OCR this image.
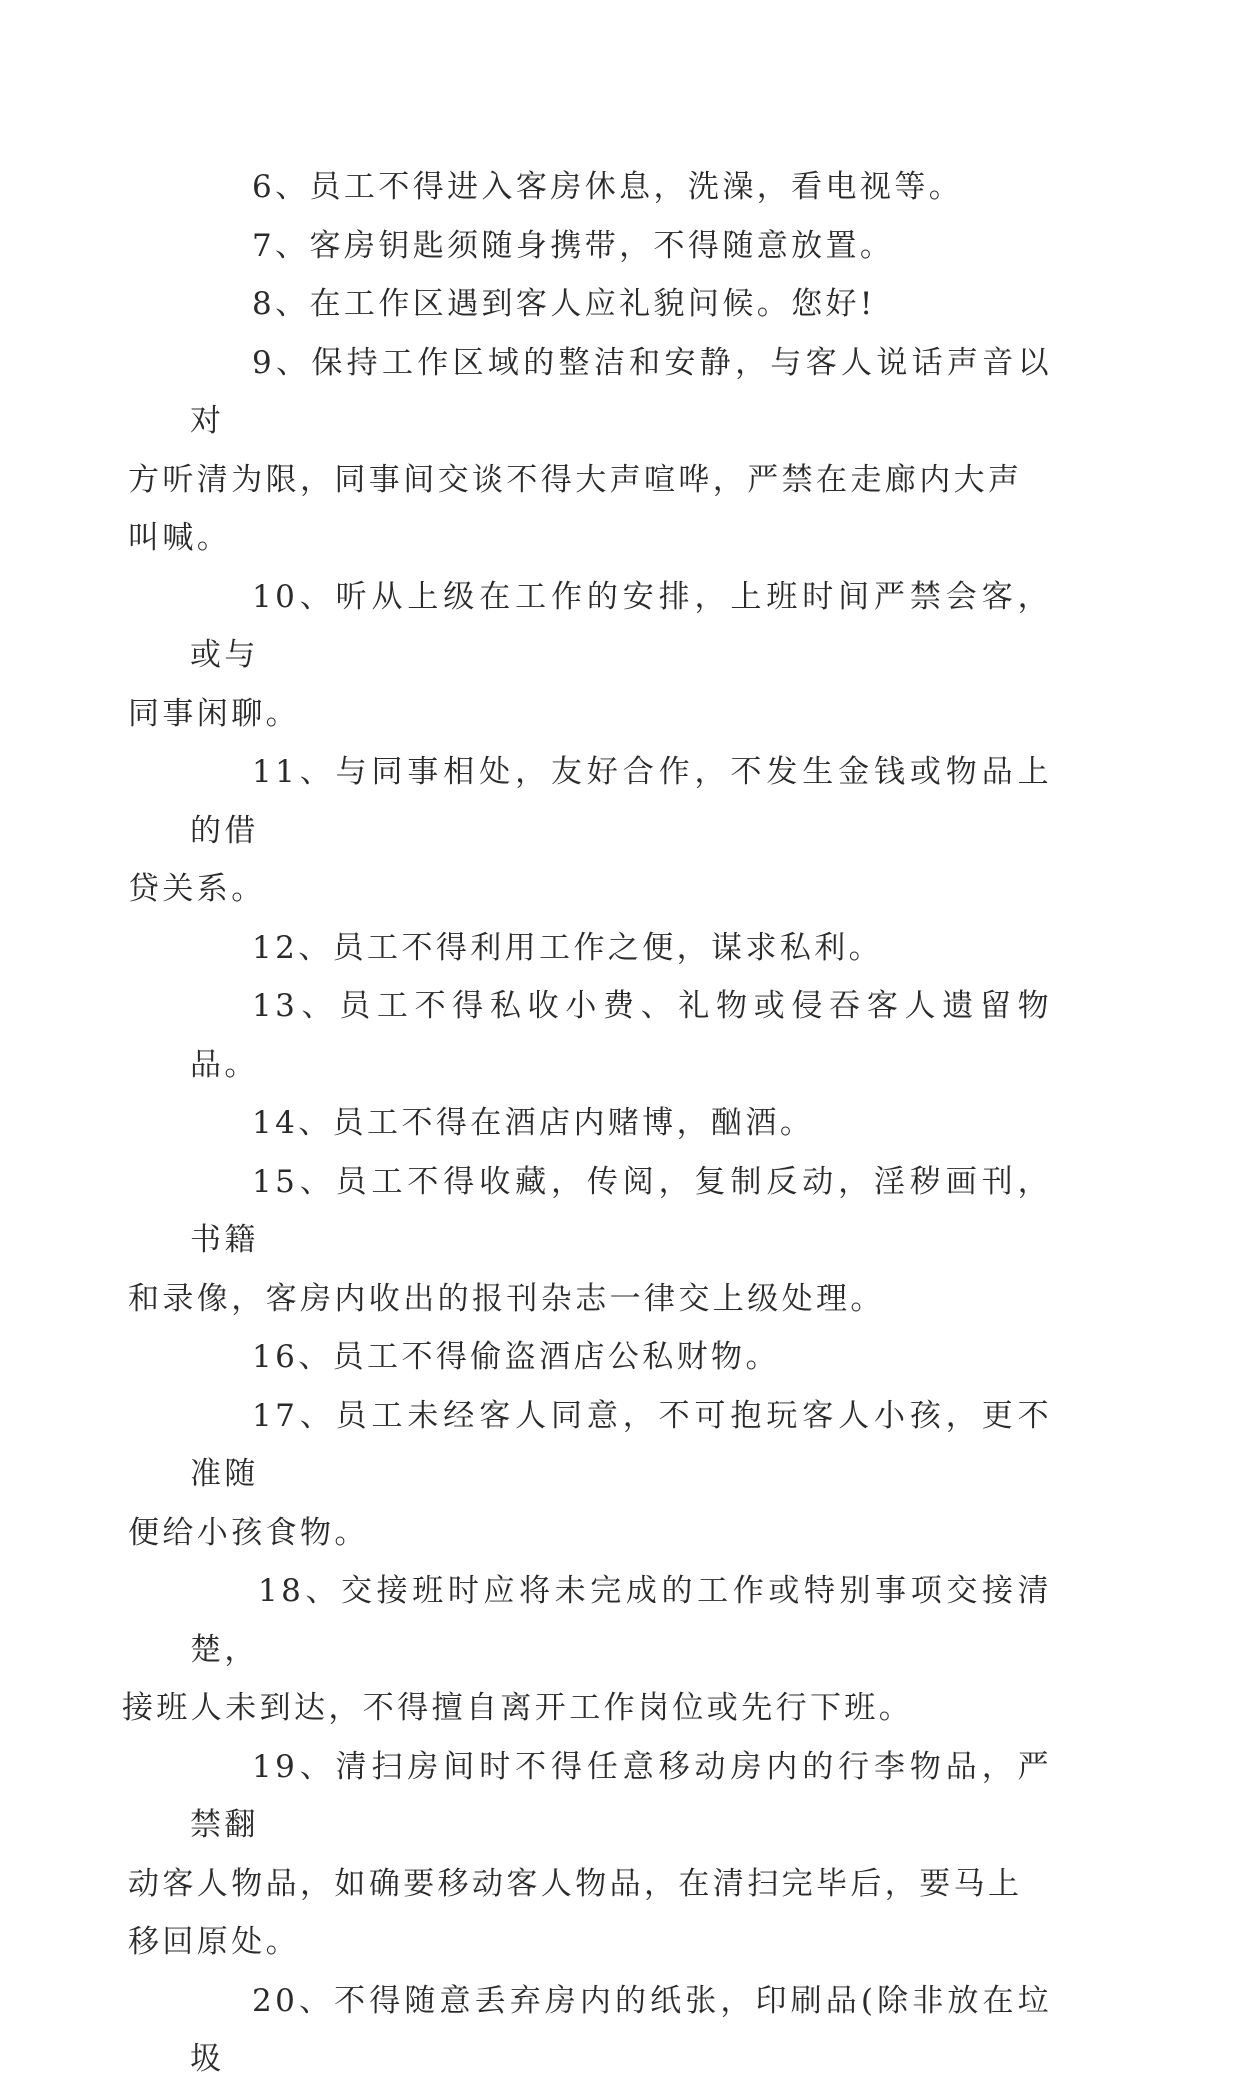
6、员工不得进入客房休息，洗澡，看电视等。

7、客房钥匙须随身携带，不得随意放置。

8、在工作区遇到客人应礼貌问候。您好!

9、保持工作区域的整洁和安静，与客人说话声音以对
方听清为限，同事间交谈不得大声喧哗，严禁在走廊内大声
叫喊。

10、听从上级在工作的安排，上班时间严禁会客，或与
同事闲聊。

11、与同事相处，友好合作，不发生金钱或物品上的借
贷关系。

12、员工不得利用工作之便，谋求私利。

13、员工不得私收小费、礼物或侵吞客人遗留物品。

14、员工不得在酒店内赌博，酗酒。

15、员工不得收藏，传阅，复制反动，淫秽画刊，书籍
和录像，客房内收出的报刊杂志一律交上级处理。

16、员工不得偷盗酒店公私财物。

17、员工未经客人同意，不可抱玩客人小孩，更不准随
便给小孩食物。

18、交接班时应将未完成的工作或特别事项交接清楚，
接班人未到达，不得擅自离开工作岗位或先行下班。

19、清扫房间时不得任意移动房内的行李物品，严禁翻
动客人物品，如确要移动客人物品，在清扫完毕后，要马上
移回原处。

20、不得随意丢弃房内的纸张，印刷品(除非放在垃圾
